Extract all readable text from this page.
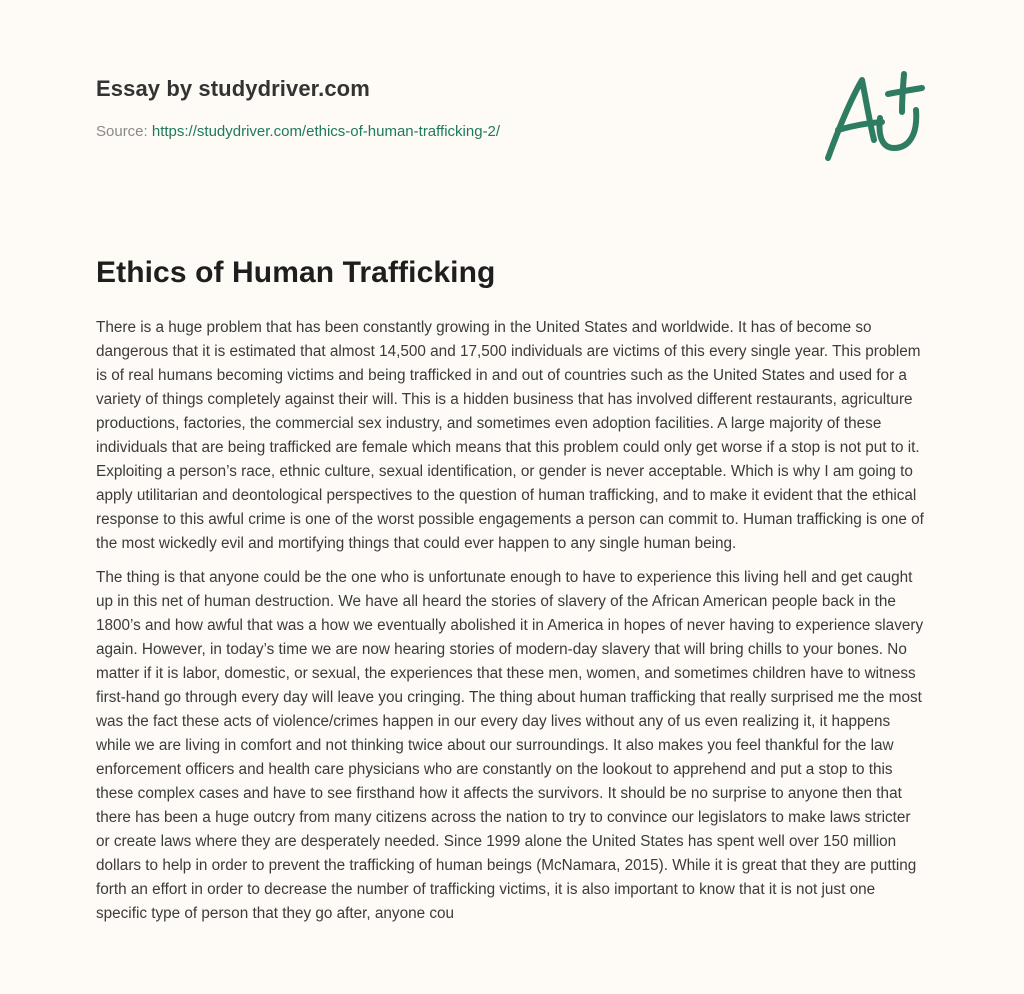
Essay by studydriver.com
Source: https://studydriver.com/ethics-of-human-trafficking-2/
Ethics of Human Trafficking

There is a huge problem that has been constantly growing in the United States and worldwide. It has of become so dangerous that it is estimated that almost 14,500 and 17,500 individuals are victims of this every single year. This problem is of real humans becoming victims and being trafficked in and out of countries such as the United States and used for a variety of things completely against their will. This is a hidden business that has involved different restaurants, agriculture productions, factories, the commercial sex industry, and sometimes even adoption facilities. A large majority of these individuals that are being trafficked are female which means that this problem could only get worse if a stop is not put to it. Exploiting a person’s race, ethnic culture, sexual identification, or gender is never acceptable. Which is why I am going to apply utilitarian and deontological perspectives to the question of human trafficking, and to make it evident that the ethical response to this awful crime is one of the worst possible engagements a person can commit to. Human trafficking is one of the most wickedly evil and mortifying things that could ever happen to any single human being.

The thing is that anyone could be the one who is unfortunate enough to have to experience this living hell and get caught up in this net of human destruction. We have all heard the stories of slavery of the African American people back in the 1800’s and how awful that was a how we eventually abolished it in America in hopes of never having to experience slavery again. However, in today’s time we are now hearing stories of modern-day slavery that will bring chills to your bones. No matter if it is labor, domestic, or sexual, the experiences that these men, women, and sometimes children have to witness first-hand go through every day will leave you cringing. The thing about human trafficking that really surprised me the most was the fact these acts of violence/crimes happen in our every day lives without any of us even realizing it, it happens while we are living in comfort and not thinking twice about our surroundings. It also makes you feel thankful for the law enforcement officers and health care physicians who are constantly on the lookout to apprehend and put a stop to this these complex cases and have to see firsthand how it affects the survivors. It should be no surprise to anyone then that there has been a huge outcry from many citizens across the nation to try to convince our legislators to make laws stricter or create laws where they are desperately needed. Since 1999 alone the United States has spent well over 150 million dollars to help in order to prevent the trafficking of human beings (McNamara, 2015). While it is great that they are putting forth an effort in order to decrease the number of trafficking victims, it is also important to know that it is not just one specific type of person that they go after, anyone cou
